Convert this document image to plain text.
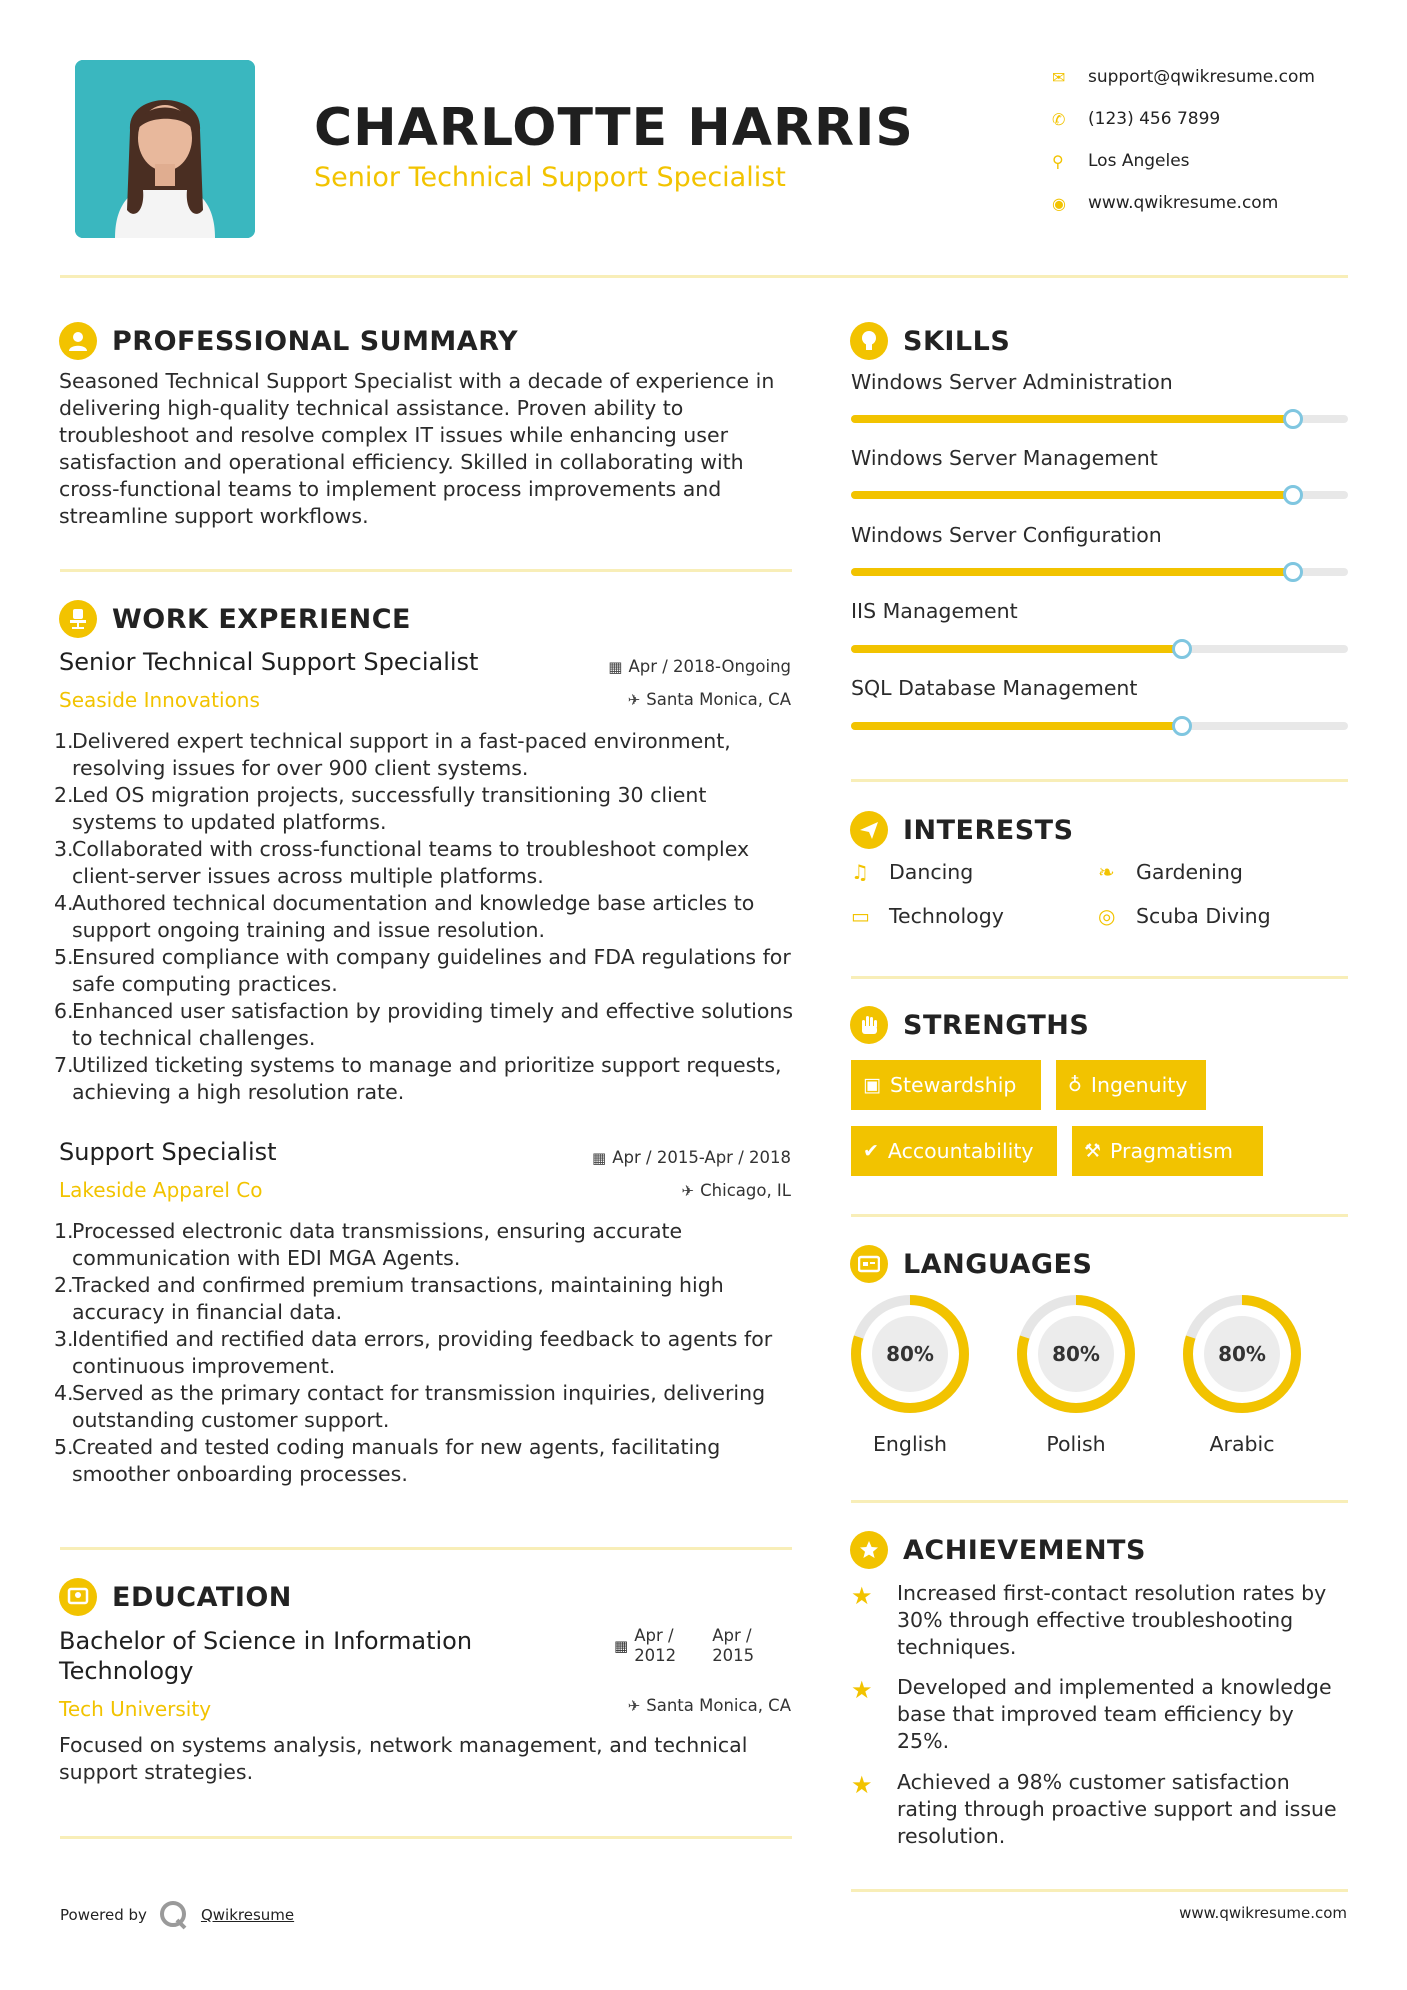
CHARLOTTE HARRIS
Senior Technical Support Specialist
✉	support@qwikresume.com
✆	(123) 456 7899
⚲	Los Angeles
◉	www.qwikresume.com
PROFESSIONAL SUMMARY
Seasoned Technical Support Specialist with a decade of experience in delivering high-quality technical assistance. Proven ability to troubleshoot and resolve complex IT issues while enhancing user satisfaction and operational efficiency. Skilled in collaborating with cross-functional teams to implement process improvements and streamline support workflows.
WORK EXPERIENCE
Senior Technical Support Specialist
Seaside Innovations
▦ Apr / 2018-Ongoing
✈︎ Santa Monica, CA
1.
Delivered expert technical support in a fast-paced environment, resolving issues for over 900 client systems.
2.
Led OS migration projects, successfully transitioning 30 client systems to updated platforms.
3.
Collaborated with cross-functional teams to troubleshoot complex client-server issues across multiple platforms.
4.
Authored technical documentation and knowledge base articles to support ongoing training and issue resolution.
5.
Ensured compliance with company guidelines and FDA regulations for safe computing practices.
6.
Enhanced user satisfaction by providing timely and effective solutions to technical challenges.
7.
Utilized ticketing systems to manage and prioritize support requests, achieving a high resolution rate.
Support Specialist
Lakeside Apparel Co
▦ Apr / 2015-Apr / 2018
✈︎ Chicago, IL
1.
Processed electronic data transmissions, ensuring accurate communication with EDI MGA Agents.
2.
Tracked and confirmed premium transactions, maintaining high accuracy in financial data.
3.
Identified and rectified data errors, providing feedback to agents for continuous improvement.
4.
Served as the primary contact for transmission inquiries, delivering outstanding customer support.
5.
Created and tested coding manuals for new agents, facilitating smoother onboarding processes.
EDUCATION
Bachelor of Science in Information
Technology
Tech University
▦
Apr /
2012
Apr /
2015
✈︎ Santa Monica, CA
Focused on systems analysis, network management, and technical support strategies.
SKILLS
Windows Server Administration
Windows Server Management
Windows Server Configuration
IIS Management
SQL Database Management
INTERESTS
♫ Dancing	❧	Gardening
▭ Technology	◎	Scuba Diving
STRENGTHS
▣ Stewardship	♁ Ingenuity
✔ Accountability	⚒ Pragmatism
LANGUAGES
80%
English
80%
Polish
80%
Arabic
ACHIEVEMENTS
★	Increased first-contact resolution rates by 30% through effective troubleshooting techniques.
★	Developed and implemented a knowledge base that improved team efficiency by 25%.
★	Achieved a 98% customer satisfaction rating through proactive support and issue resolution.
Powered by	Qwikresume	www.qwikresume.com
